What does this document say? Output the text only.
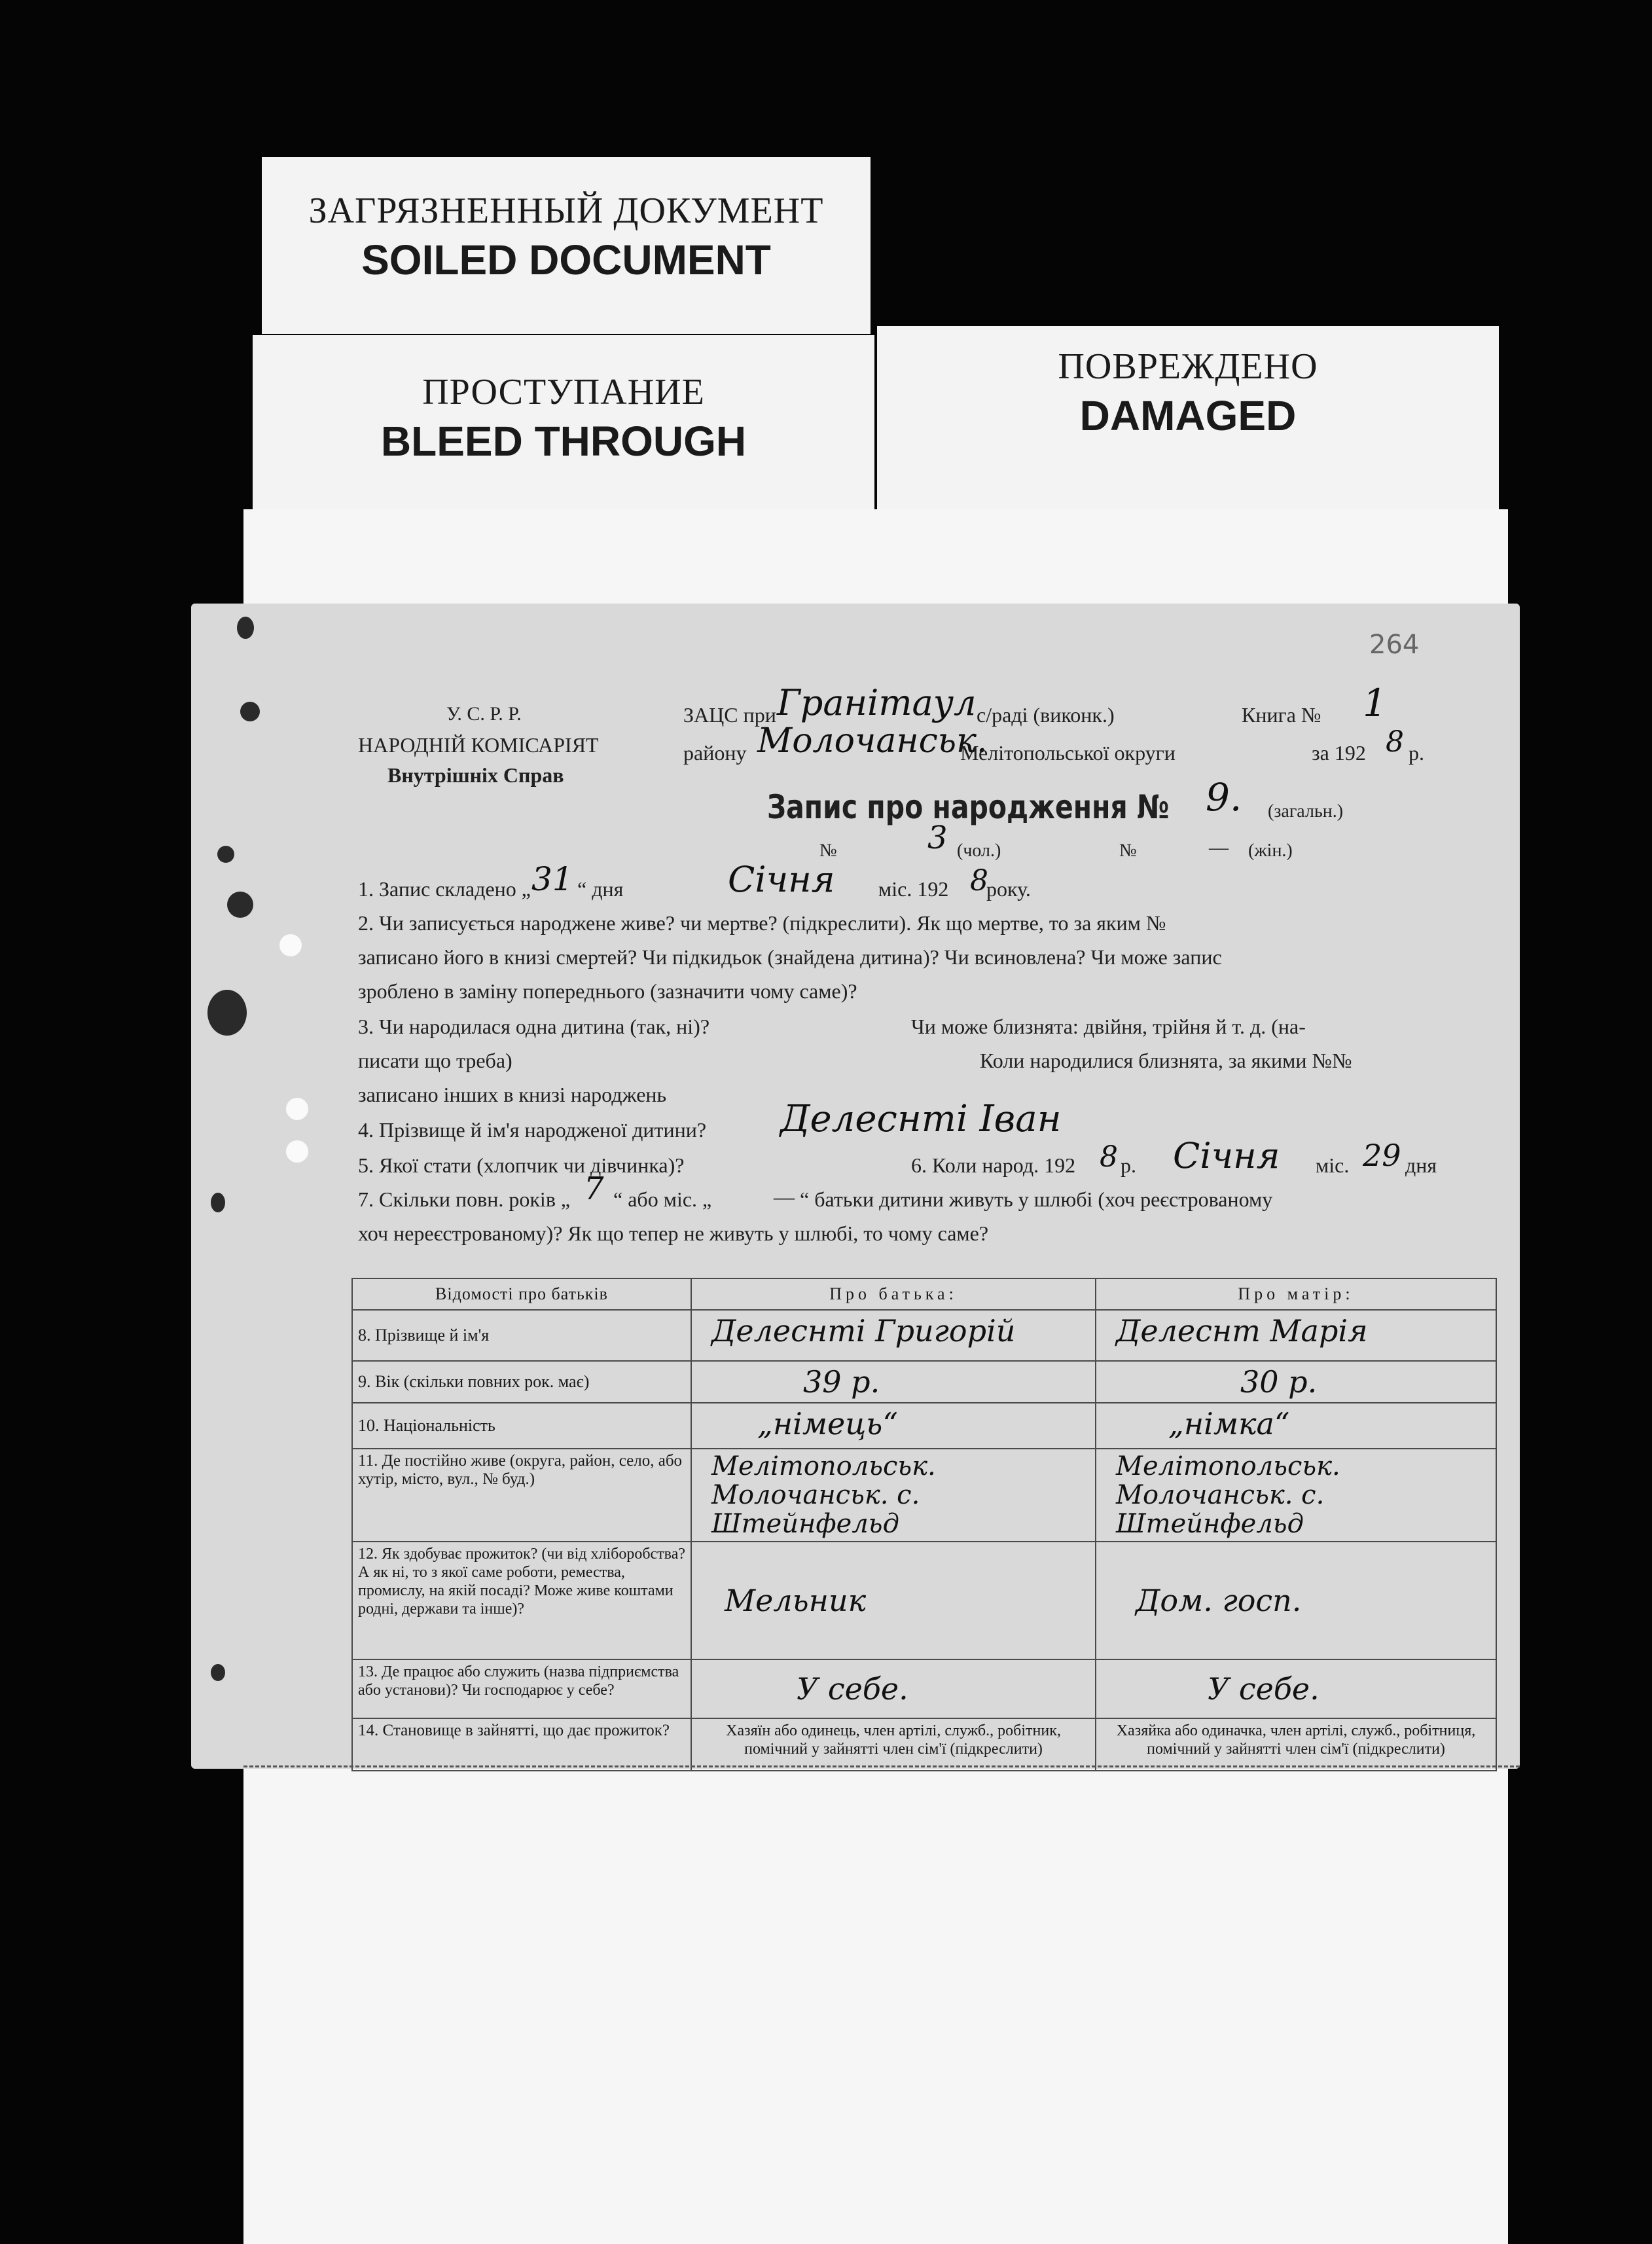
ЗАГРЯЗНЕННЫЙ ДОКУМЕНТ
SOILED DOCUMENT
ПРОСТУПАНИЕ
BLEED THROUGH
ПОВРЕЖДЕНО
DAMAGED
264
У. С. Р. Р.
НАРОДНІЙ КОМІСАРІЯТ
Внутрішніх Справ
ЗАЦС при Гранітаул с/раді (виконк.)	Книга № 1
району Молочанськ.
Мелітопольської округи	за 192 8 р.
Запис про народження № 9. (загальн.)
№	3 (чол.)	№	— (жін.)
1. Запис складено „ 31 “ дня	Січня міс. 192 8
року.
2. Чи записується народжене живе? чи мертве? (підкреслити). Як що мертве, то за яким №
записано його в книзі смертей? Чи підкидьок (знайдена дитина)? Чи всиновлена? Чи може запис
зроблено в заміну попереднього (зазначити чому саме)?
3. Чи народилася одна дитина (так, ні)?	Чи може близнята: двійня, трійня й т. д. (на-
писати що треба)	Коли народилися близнята, за якими №№
записано інших в книзі народжень
4. Прізвище й ім'я народженої дитини? Делеснтi Іван
5. Якої стати (хлопчик чи дівчинка)?	6. Коли народ. 192 8 р. Січня міс. 29 дня
7. Скільки повн. років „ 7 “ або міс. „	— “ батьки дитини живуть у шлюбі (хоч реєстрованому
хоч нереєстрованому)? Як що тепер не живуть у шлюбі, то чому саме?
Відомості про батьків	Про батька:	Про матір:
8. Прізвище й ім'я	Делеснтi Григорій	Делеснт Марія
9. Вік (скільки повних рок. має)	39 р.	30 р.
10. Національність	„німець“	„німка“
11. Де постійно живе (округа, район, село, або хутір, місто, вул., № буд.)	Мелітопольськ. Молочанськ. с. Штейнфельд	Мелітопольськ. Молочанськ. с. Штейнфельд
12. Як здобуває прожиток? (чи від хліборобства? А як ні, то з якої саме роботи, ремества, промислу, на якій посаді? Може живе коштами родні, держави та інше)?	Мельник	Дом. госп.
13. Де працює або служить (назва підприємства або установи)? Чи господарює у себе?	У себе.	У себе.
14. Становище в зайнятті, що дає прожиток?	Хазяїн або одинець, член артілі, служб., робітник, помічний у зайнятті член сім'ї (підкреслити)	Хазяйка або одиначка, член артілі, служб., робітниця, помічний у зайнятті член сім'ї (підкреслити)
